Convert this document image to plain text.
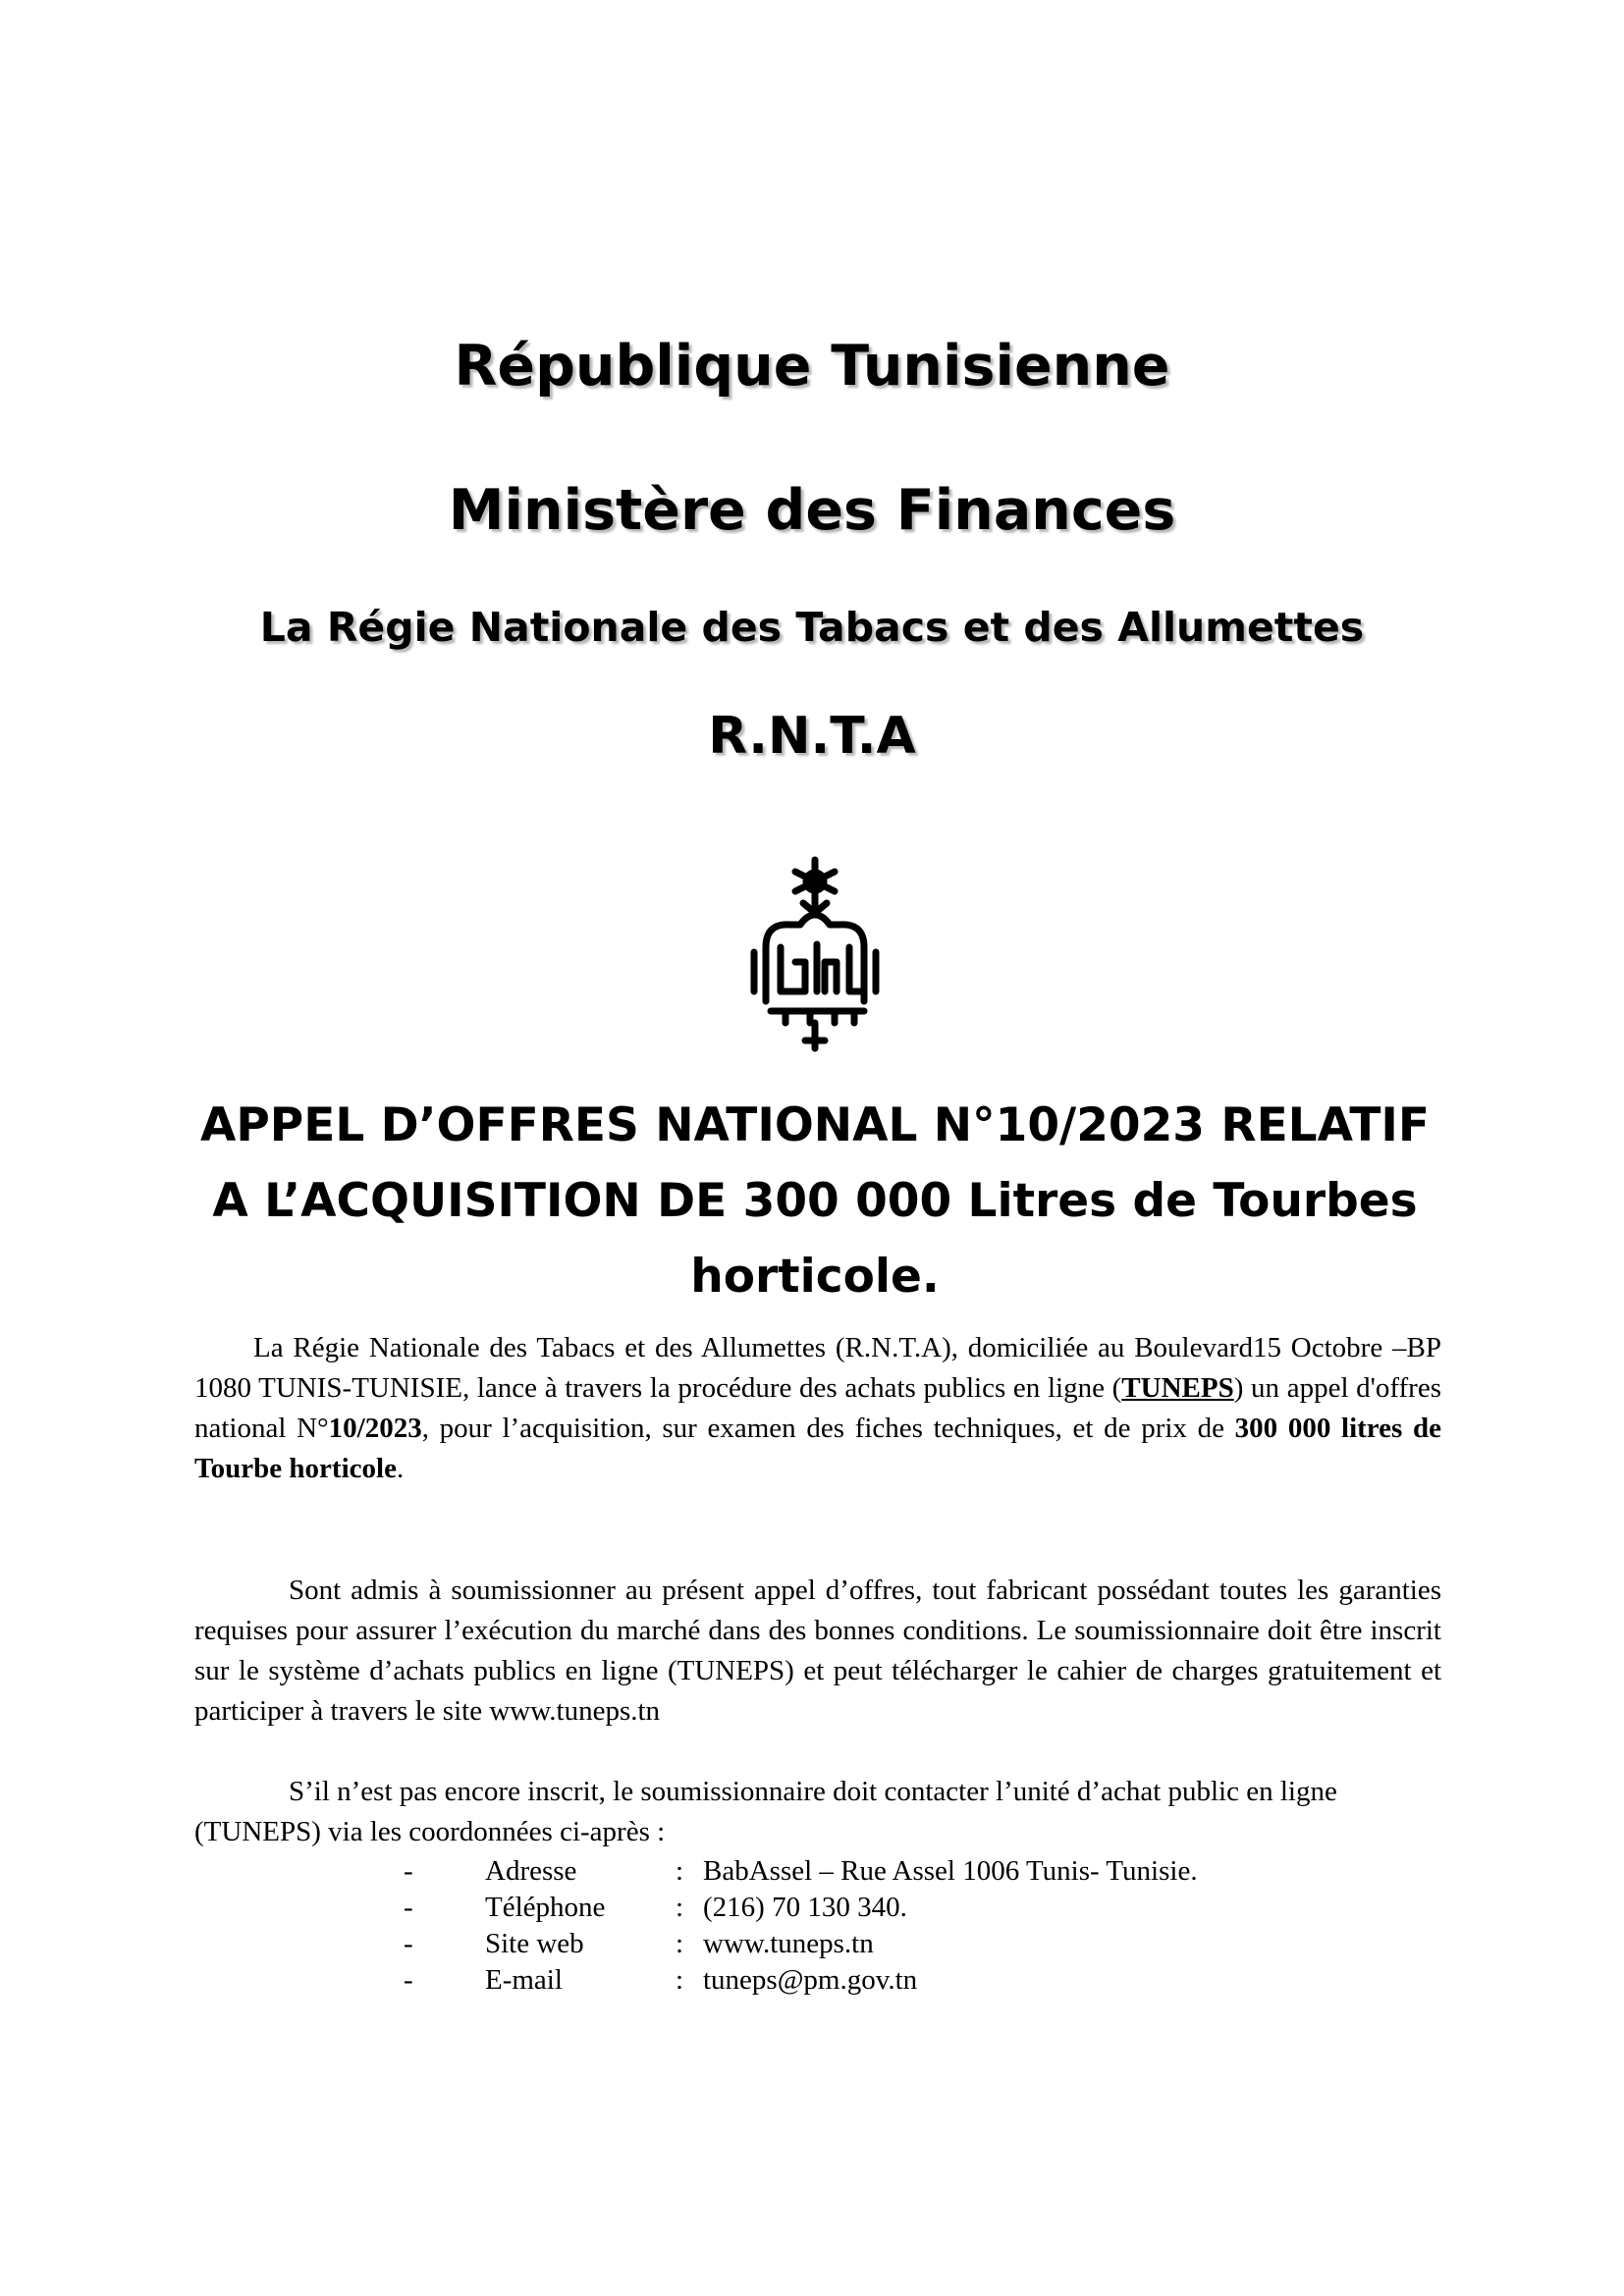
République Tunisienne
Ministère des Finances
La Régie Nationale des Tabacs et des Allumettes
R.N.T.A
APPEL D’OFFRES NATIONAL N°10/2023 RELATIF
A L’ACQUISITION DE 300 000 Litres de Tourbes
horticole.
La Régie Nationale des Tabacs et des Allumettes (R.N.T.A), domiciliée au Boulevard15 Octobre –BP 1080 TUNIS-TUNISIE, lance à travers la procédure des achats publics en ligne (TUNEPS) un appel d'offres national N°10/2023, pour l’acquisition, sur examen des fiches techniques, et de prix de 300 000 litres de Tourbe horticole.
Sont admis à soumissionner au présent appel d’offres, tout fabricant possédant toutes les garanties requises pour assurer l’exécution du marché dans des bonnes conditions. Le soumissionnaire doit être inscrit sur le système d’achats publics en ligne (TUNEPS) et peut télécharger le cahier de charges gratuitement et participer à travers le site www.tuneps.tn
S’il n’est pas encore inscrit, le soumissionnaire doit contacter l’unité d’achat public en ligne (TUNEPS) via les coordonnées ci-après :
-	Adresse	: BabAssel – Rue Assel 1006 Tunis- Tunisie.
-	Téléphone : (216) 70 130 340.
-	Site web	: www.tuneps.tn
-	E-mail	: tuneps@pm.gov.tn
